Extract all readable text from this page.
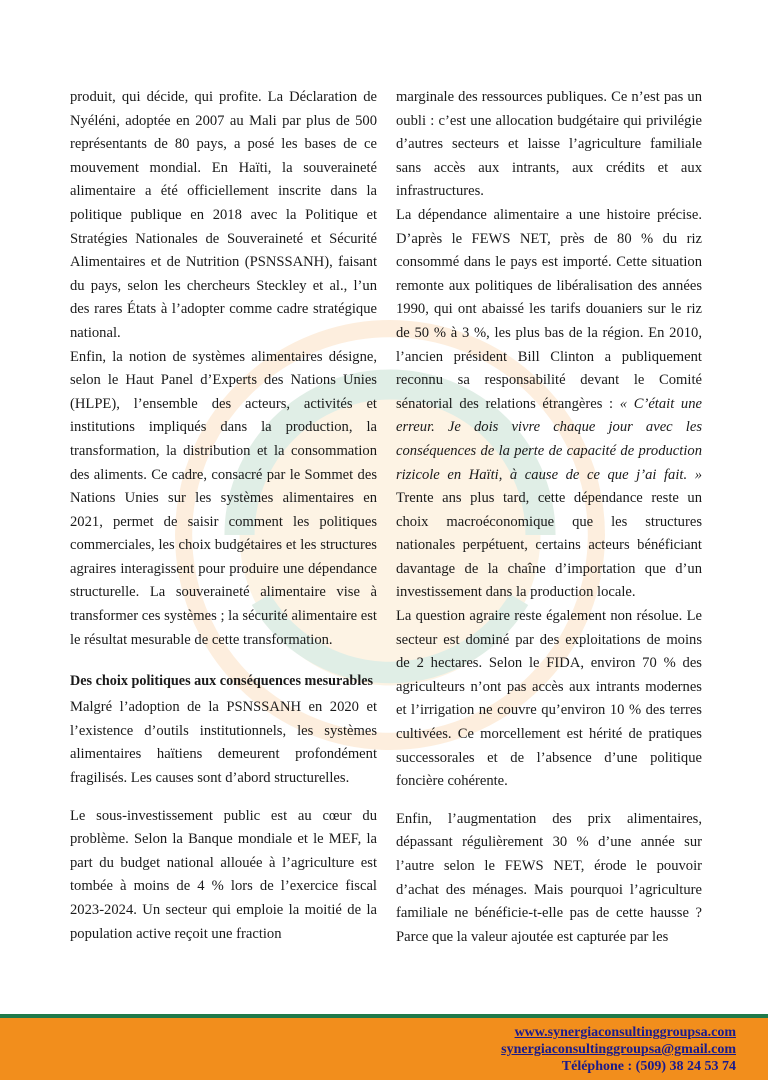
produit, qui décide, qui profite. La Déclaration de Nyéléni, adoptée en 2007 au Mali par plus de 500 représentants de 80 pays, a posé les bases de ce mouvement mondial. En Haïti, la souveraineté alimentaire a été officiellement inscrite dans la politique publique en 2018 avec la Politique et Stratégies Nationales de Souveraineté et Sécurité Alimentaires et de Nutrition (PSNSSANH), faisant du pays, selon les chercheurs Steckley et al., l’un des rares États à l’adopter comme cadre stratégique national.

Enfin, la notion de systèmes alimentaires désigne, selon le Haut Panel d’Experts des Nations Unies (HLPE), l’ensemble des acteurs, activités et institutions impliqués dans la production, la transformation, la distribution et la consommation des aliments. Ce cadre, consacré par le Sommet des Nations Unies sur les systèmes alimentaires en 2021, permet de saisir comment les politiques commerciales, les choix budgétaires et les structures agraires interagissent pour produire une dépendance structurelle. La souveraineté alimentaire vise à transformer ces systèmes ; la sécurité alimentaire est le résultat mesurable de cette transformation.

Des choix politiques aux conséquences mesurables

Malgré l’adoption de la PSNSSANH en 2020 et l’existence d’outils institutionnels, les systèmes alimentaires haïtiens demeurent profondément fragilisés. Les causes sont d’abord structurelles.

Le sous-investissement public est au cœur du problème. Selon la Banque mondiale et le MEF, la part du budget national allouée à l’agriculture est tombée à moins de 4 % lors de l’exercice fiscal 2023-2024. Un secteur qui emploie la moitié de la population active reçoit une fraction

marginale des ressources publiques. Ce n’est pas un oubli : c’est une allocation budgétaire qui privilégie d’autres secteurs et laisse l’agriculture familiale sans accès aux intrants, aux crédits et aux infrastructures.

La dépendance alimentaire a une histoire précise. D’après le FEWS NET, près de 80 % du riz consommé dans le pays est importé. Cette situation remonte aux politiques de libéralisation des années 1990, qui ont abaissé les tarifs douaniers sur le riz de 50 % à 3 %, les plus bas de la région. En 2010, l’ancien président Bill Clinton a publiquement reconnu sa responsabilité devant le Comité sénatorial des relations étrangères : « C’était une erreur. Je dois vivre chaque jour avec les conséquences de la perte de capacité de production rizicole en Haïti, à cause de ce que j’ai fait. » Trente ans plus tard, cette dépendance reste un choix macroéconomique que les structures nationales perpétuent, certains acteurs bénéficiant davantage de la chaîne d’importation que d’un investissement dans la production locale.

La question agraire reste également non résolue. Le secteur est dominé par des exploitations de moins de 2 hectares. Selon le FIDA, environ 70 % des agriculteurs n’ont pas accès aux intrants modernes et l’irrigation ne couvre qu’environ 10 % des terres cultivées. Ce morcellement est hérité de pratiques successorales et de l’absence d’une politique foncière cohérente.

Enfin, l’augmentation des prix alimentaires, dépassant régulièrement 30 % d’une année sur l’autre selon le FEWS NET, érode le pouvoir d’achat des ménages. Mais pourquoi l’agriculture familiale ne bénéficie-t-elle pas de cette hausse ? Parce que la valeur ajoutée est capturée par les

www.synergiaconsultinggroupsa.com
synergiaconsultinggroupsa@gmail.com
Téléphone : (509) 38 24 53 74
